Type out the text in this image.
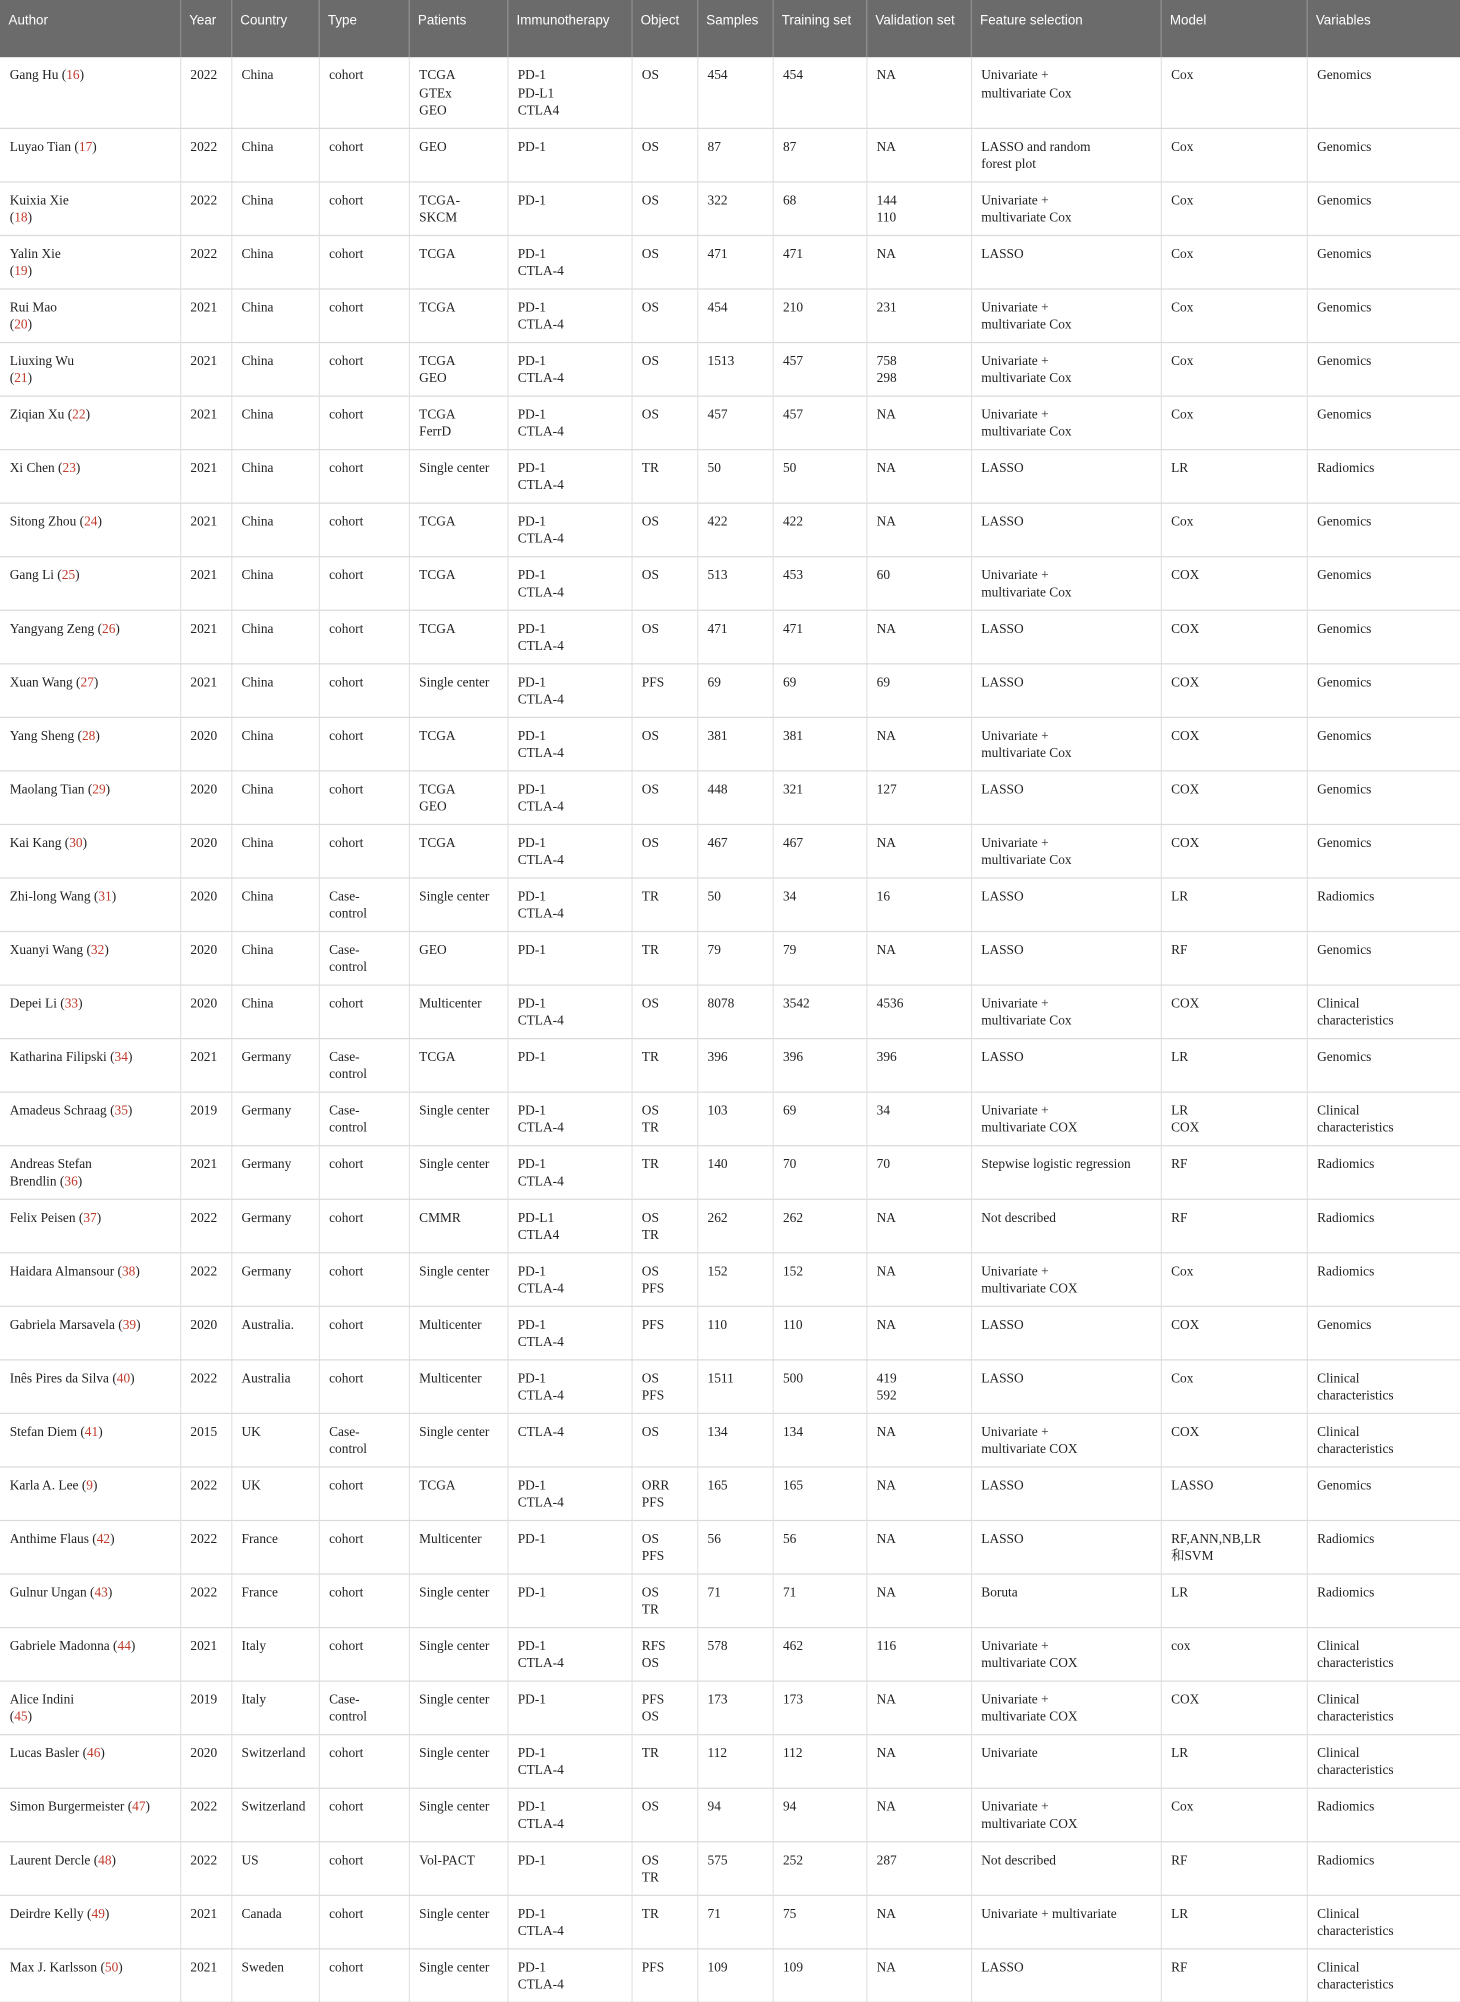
Author	Year	Country	Type	Patients	Immunotherapy	Object	Samples	Training set	Validation set	Feature selection	Model	Variables

Gang Hu (16)	2022	China	cohort	TCGA
GTEx
GEO	PD-1
PD-L1
CTLA4	OS	454	454	NA	Univariate +
multivariate Cox	Cox	Genomics

Luyao Tian (17)	2022	China	cohort	GEO	PD-1	OS	87	87	NA	LASSO and random
forest plot	Cox	Genomics

Kuixia Xie
(18)	2022	China	cohort	TCGA-
SKCM	PD-1	OS	322	68	144
110	Univariate +
multivariate Cox	Cox	Genomics

Yalin Xie
(19)	2022	China	cohort	TCGA	PD-1
CTLA-4	OS	471	471	NA	LASSO	Cox	Genomics

Rui Mao
(20)	2021	China	cohort	TCGA	PD-1
CTLA-4	OS	454	210	231	Univariate +
multivariate Cox	Cox	Genomics

Liuxing Wu
(21)	2021	China	cohort	TCGA
GEO	PD-1
CTLA-4	OS	1513	457	758
298	Univariate +
multivariate Cox	Cox	Genomics

Ziqian Xu (22)	2021	China	cohort	TCGA
FerrD	PD-1
CTLA-4	OS	457	457	NA	Univariate +
multivariate Cox	Cox	Genomics

Xi Chen (23)	2021	China	cohort	Single center	PD-1
CTLA-4	TR	50	50	NA	LASSO	LR	Radiomics

Sitong Zhou (24)	2021	China	cohort	TCGA	PD-1
CTLA-4	OS	422	422	NA	LASSO	Cox	Genomics

Gang Li (25)	2021	China	cohort	TCGA	PD-1
CTLA-4	OS	513	453	60	Univariate +
multivariate Cox	COX	Genomics

Yangyang Zeng (26)	2021	China	cohort	TCGA	PD-1
CTLA-4	OS	471	471	NA	LASSO	COX	Genomics

Xuan Wang (27)	2021	China	cohort	Single center	PD-1
CTLA-4	PFS	69	69	69	LASSO	COX	Genomics

Yang Sheng (28)	2020	China	cohort	TCGA	PD-1
CTLA-4	OS	381	381	NA	Univariate +
multivariate Cox	COX	Genomics

Maolang Tian (29)	2020	China	cohort	TCGA
GEO	PD-1
CTLA-4	OS	448	321	127	LASSO	COX	Genomics

Kai Kang (30)	2020	China	cohort	TCGA	PD-1
CTLA-4	OS	467	467	NA	Univariate +
multivariate Cox	COX	Genomics

Zhi-long Wang (31)	2020	China	Case-
control	Single center	PD-1
CTLA-4	TR	50	34	16	LASSO	LR	Radiomics

Xuanyi Wang (32)	2020	China	Case-
control	GEO	PD-1	TR	79	79	NA	LASSO	RF	Genomics

Depei Li (33)	2020	China	cohort	Multicenter	PD-1
CTLA-4	OS	8078	3542	4536	Univariate +
multivariate Cox	COX	Clinical
characteristics

Katharina Filipski (34)	2021	Germany	Case-
control	TCGA	PD-1	TR	396	396	396	LASSO	LR	Genomics

Amadeus Schraag (35)	2019	Germany	Case-
control	Single center	PD-1
CTLA-4	OS
TR	103	69	34	Univariate +
multivariate COX	LR
COX	Clinical
characteristics

Andreas Stefan
Brendlin (36)	2021	Germany	cohort	Single center	PD-1
CTLA-4	TR	140	70	70	Stepwise logistic regression	RF	Radiomics

Felix Peisen (37)	2022	Germany	cohort	CMMR	PD-L1
CTLA4	OS
TR	262	262	NA	Not described	RF	Radiomics

Haidara Almansour (38)	2022	Germany	cohort	Single center	PD-1
CTLA-4	OS
PFS	152	152	NA	Univariate +
multivariate COX	Cox	Radiomics

Gabriela Marsavela (39)	2020	Australia.	cohort	Multicenter	PD-1
CTLA-4	PFS	110	110	NA	LASSO	COX	Genomics

Inês Pires da Silva (40)	2022	Australia	cohort	Multicenter	PD-1
CTLA-4	OS
PFS	1511	500	419
592	LASSO	Cox	Clinical
characteristics

Stefan Diem (41)	2015	UK	Case-
control	Single center	CTLA-4	OS	134	134	NA	Univariate +
multivariate COX	COX	Clinical
characteristics

Karla A. Lee (9)	2022	UK	cohort	TCGA	PD-1
CTLA-4	ORR
PFS	165	165	NA	LASSO	LASSO	Genomics

Anthime Flaus (42)	2022	France	cohort	Multicenter	PD-1	OS
PFS	56	56	NA	LASSO	RF,ANN,NB,LR
和SVM	Radiomics

Gulnur Ungan (43)	2022	France	cohort	Single center	PD-1	OS
TR	71	71	NA	Boruta	LR	Radiomics

Gabriele Madonna (44)	2021	Italy	cohort	Single center	PD-1
CTLA-4	RFS
OS	578	462	116	Univariate +
multivariate COX	cox	Clinical
characteristics

Alice Indini
(45)	2019	Italy	Case-
control	Single center	PD-1	PFS
OS	173	173	NA	Univariate +
multivariate COX	COX	Clinical
characteristics

Lucas Basler (46)	2020	Switzerland	cohort	Single center	PD-1
CTLA-4	TR	112	112	NA	Univariate	LR	Clinical
characteristics

Simon Burgermeister (47)	2022	Switzerland	cohort	Single center	PD-1
CTLA-4	OS	94	94	NA	Univariate +
multivariate COX	Cox	Radiomics

Laurent Dercle (48)	2022	US	cohort	Vol-PACT	PD-1	OS
TR	575	252	287	Not described	RF	Radiomics

Deirdre Kelly (49)	2021	Canada	cohort	Single center	PD-1
CTLA-4	TR	71	75	NA	Univariate + multivariate	LR	Clinical
characteristics

Max J. Karlsson (50)	2021	Sweden	cohort	Single center	PD-1
CTLA-4	PFS	109	109	NA	LASSO	RF	Clinical
characteristics
